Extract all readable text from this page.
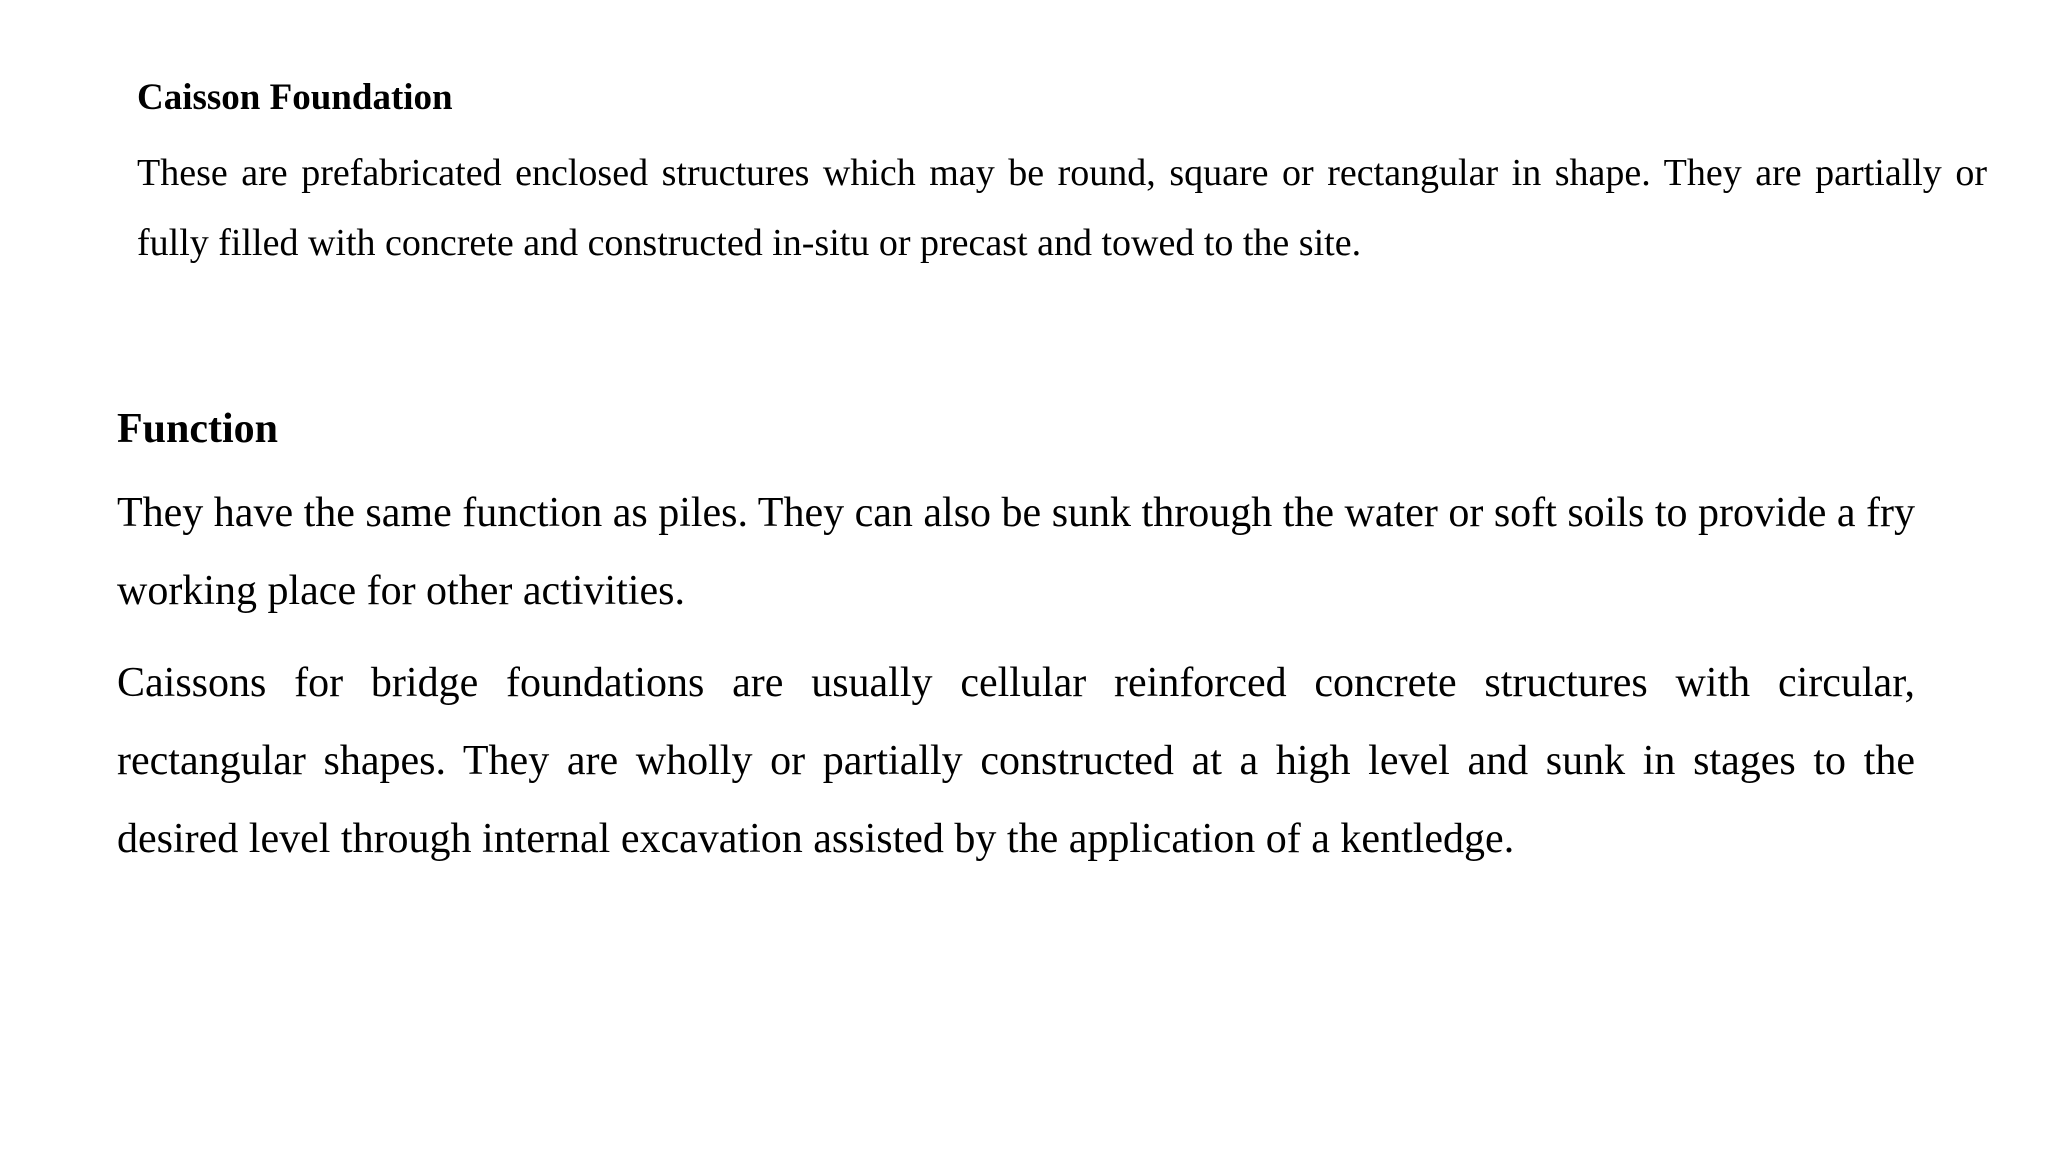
Caisson Foundation

These are prefabricated enclosed structures which may be round, square or rectangular in shape. They are partially or fully filled with concrete and constructed in-situ or precast and towed to the site.

Function

They have the same function as piles. They can also be sunk through the water or soft soils to provide a fry working place for other activities.

Caissons for bridge foundations are usually cellular reinforced concrete structures with circular, rectangular shapes. They are wholly or partially constructed at a high level and sunk in stages to the desired level through internal excavation assisted by the application of a kentledge.
